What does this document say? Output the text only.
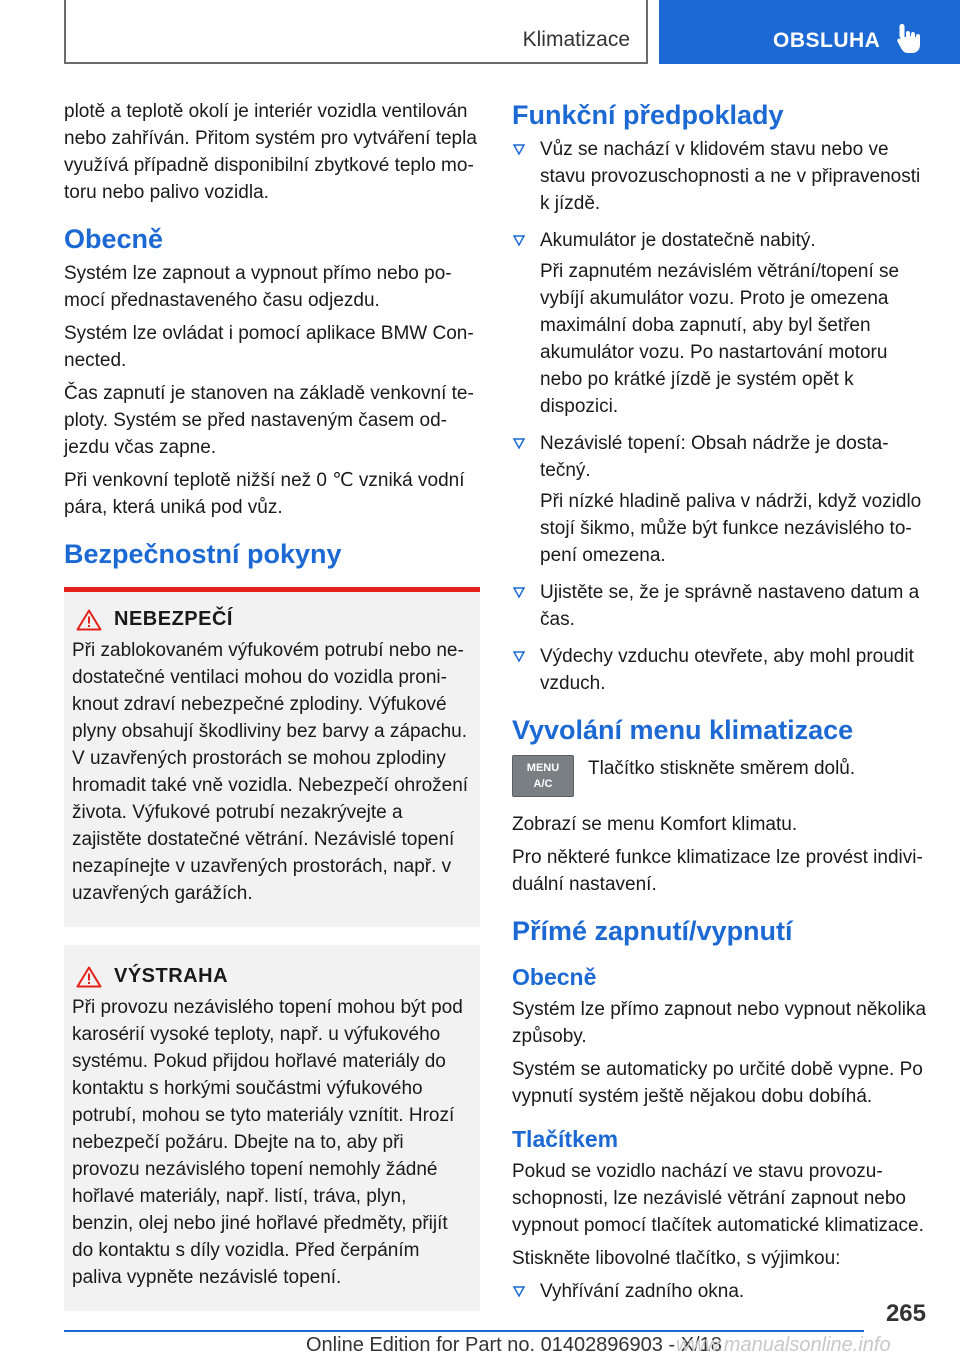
Klimatizace	OBSLUHA

plotě a teplotě okolí je interiér vozidla ventilován nebo zahříván. Přitom systém pro vytváření tepla využívá případně disponibilní zbytkové teplo motoru nebo palivo vozidla.

Obecně

Systém lze zapnout a vypnout přímo nebo pomocí přednastaveného času odjezdu.

Systém lze ovládat i pomocí aplikace BMW Connected.

Čas zapnutí je stanoven na základě venkovní teploty. Systém se před nastaveným časem odjezdu včas zapne.

Při venkovní teplotě nižší než 0 ℃ vzniká vodní pára, která uniká pod vůz.

Bezpečnostní pokyny
NEBEZPEČÍ

Při zablokovaném výfukovém potrubí nebo nedostatečné ventilaci mohou do vozidla proniknout zdraví nebezpečné zplodiny. Výfukové plyny obsahují škodliviny bez barvy a zápachu. V uzavřených prostorách se mohou zplodiny hromadit také vně vozidla. Nebezpečí ohrožení života. Výfukové potrubí nezakrývejte a zajistěte dostatečné větrání. Nezávislé topení nezapínejte v uzavřených prostorách, např. v uzavřených garážích.

VÝSTRAHA

Při provozu nezávislého topení mohou být pod karosérií vysoké teploty, např. u výfukového systému. Pokud přijdou hořlavé materiály do kontaktu s horkými součástmi výfukového potrubí, mohou se tyto materiály vznítit. Hrozí nebezpečí požáru. Dbejte na to, aby při provozu nezávislého topení nemohly žádné hořlavé materiály, např. listí, tráva, plyn, benzin, olej nebo jiné hořlavé předměty, přijít do kontaktu s díly vozidla. Před čerpáním paliva vypněte nezávislé topení.

Funkční předpoklady

Vůz se nachází v klidovém stavu nebo ve stavu provozuschopnosti a ne v připravenosti k jízdě.

Akumulátor je dostatečně nabitý.

Při zapnutém nezávislém větrání/topení se vybíjí akumulátor vozu. Proto je omezena maximální doba zapnutí, aby byl šetřen akumulátor vozu. Po nastartování motoru nebo po krátké jízdě je systém opět k dispozici.

Nezávislé topení: Obsah nádrže je dostatečný.

Při nízké hladině paliva v nádrži, když vozidlo stojí šikmo, může být funkce nezávislého topení omezena.

Ujistěte se, že je správně nastaveno datum a čas.

Výdechy vzduchu otevřete, aby mohl proudit vzduch.

Vyvolání menu klimatizace
MENU
A/C

Tlačítko stiskněte směrem dolů.

Zobrazí se menu Komfort klimatu.

Pro některé funkce klimatizace lze provést individuální nastavení.

Přímé zapnutí/vypnutí
Obecně

Systém lze přímo zapnout nebo vypnout několika způsoby.

Systém se automaticky po určité době vypne. Po vypnutí systém ještě nějakou dobu dobíhá.

Tlačítkem

Pokud se vozidlo nachází ve stavu provozuschopnosti, lze nezávislé větrání zapnout nebo vypnout pomocí tlačítek automatické klimatizace.

Stiskněte libovolné tlačítko, s výjimkou:

Vyhřívání zadního okna.

265
Online Edition for Part no. 01402896903 - X/18
www.manualsonline.info
